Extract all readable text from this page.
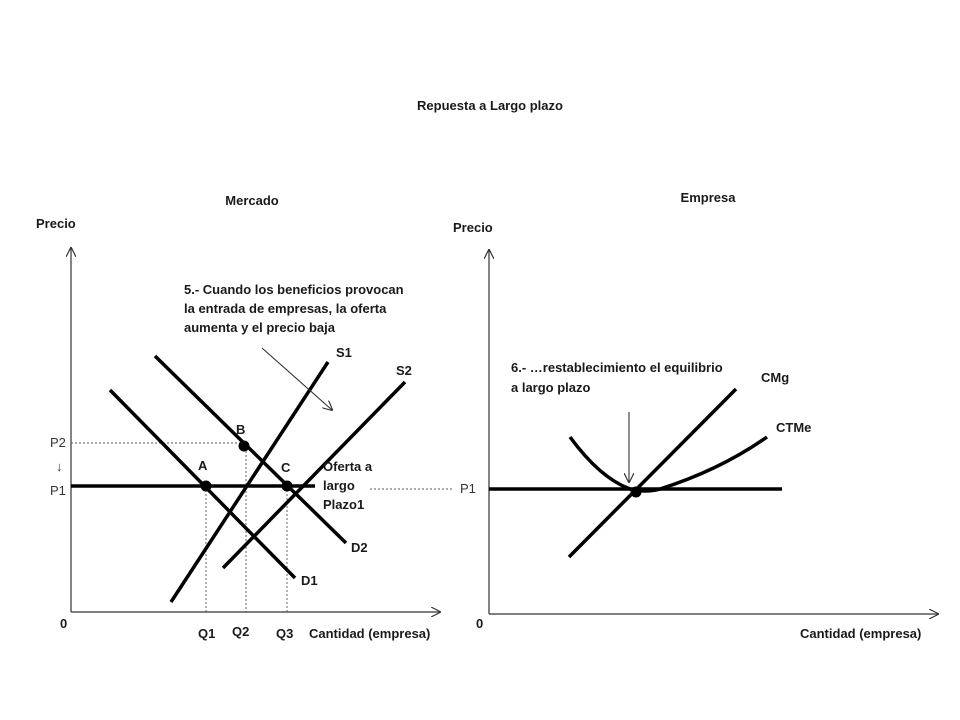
Repuesta a Largo plazo
Mercado
Precio
0
Cantidad (empresa)
P2
↓
P1
A
B
C
S1
S2
D1
D2
Oferta a
largo
Plazo1
Q1 Q2 Q3
5.- Cuando los beneficios provocan
la entrada de empresas, la oferta
aumenta y el precio baja
Empresa
Precio
0
Cantidad (empresa)
P1
CMg
CTMe
6.- …restablecimiento el equilibrio
a largo plazo
